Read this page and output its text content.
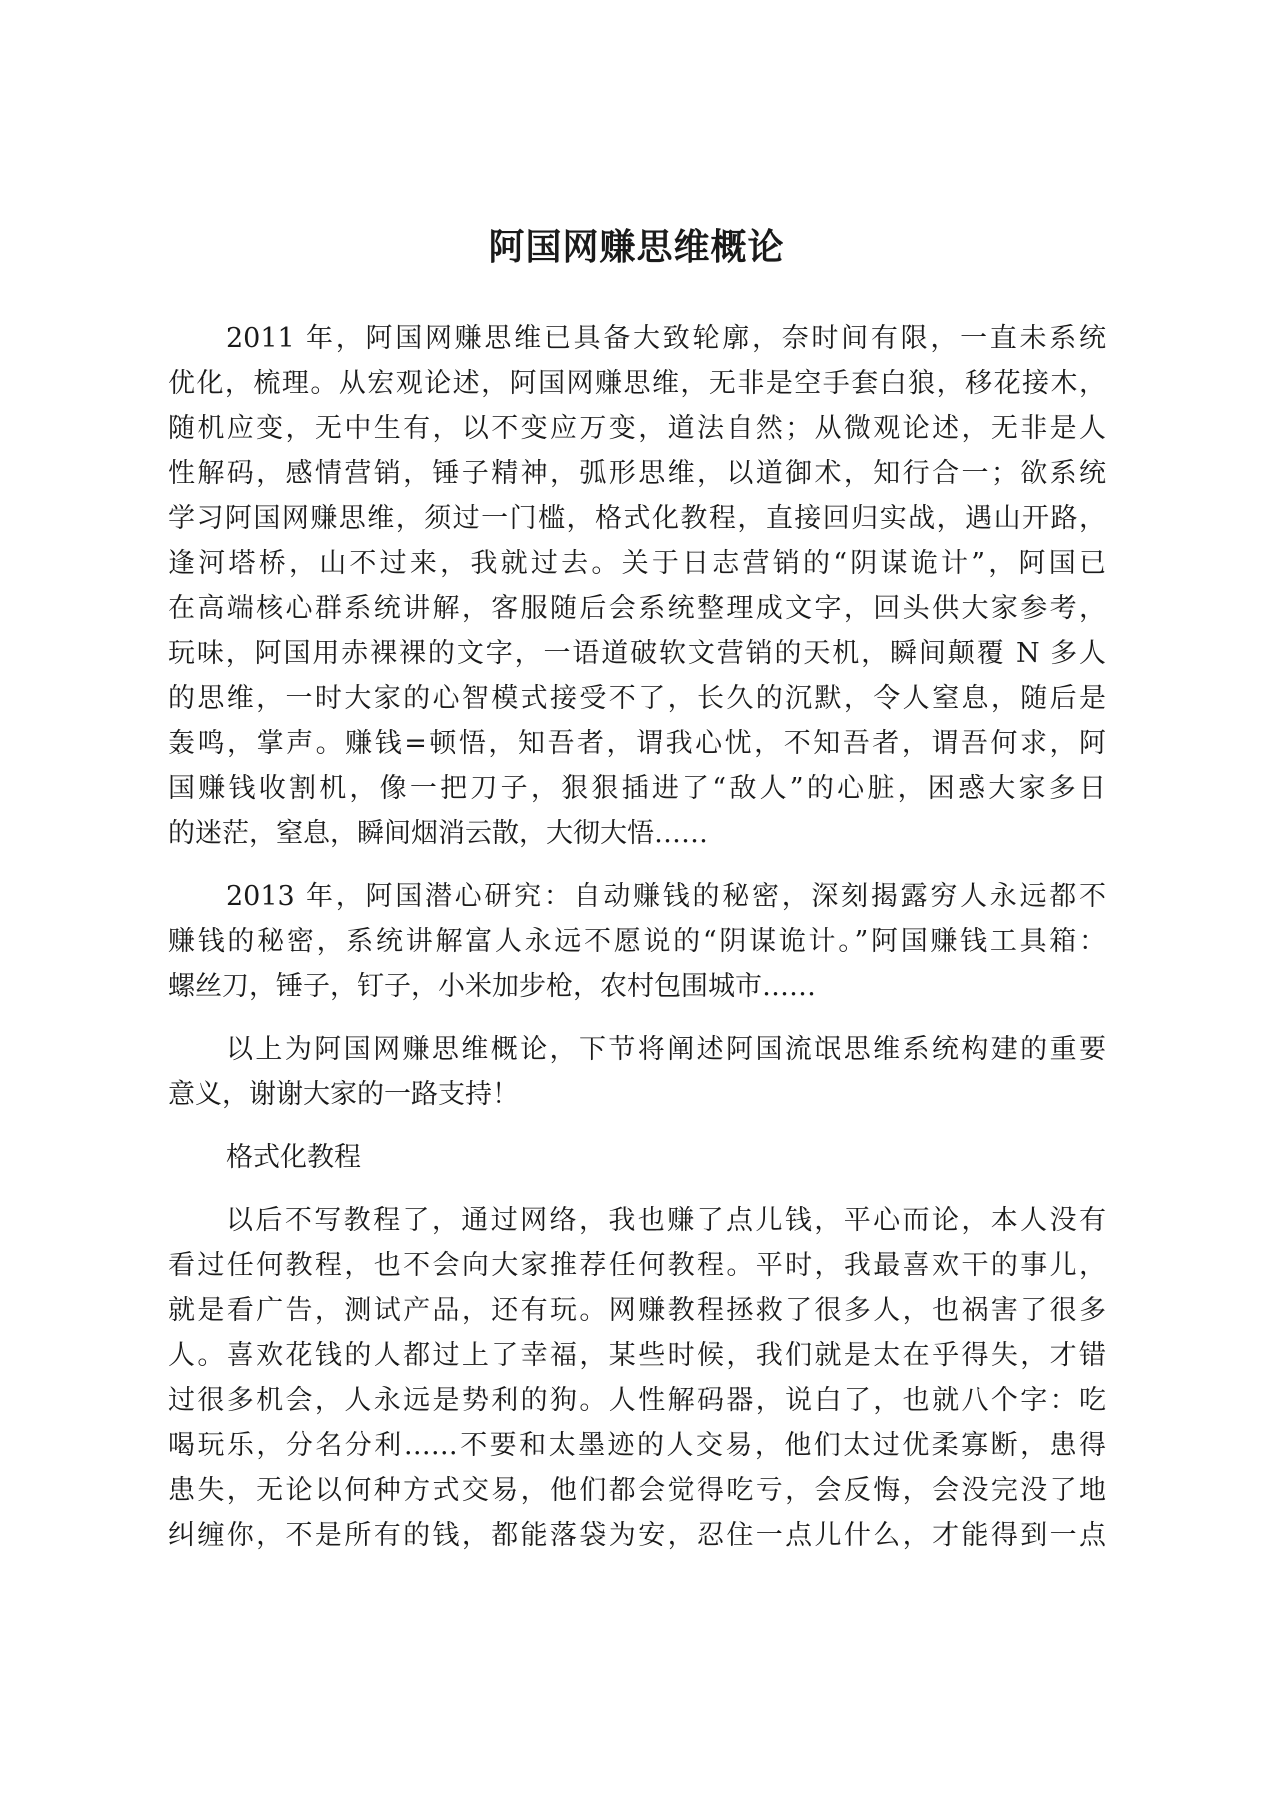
阿国网赚思维概论

2011 年，阿国网赚思维已具备大致轮廓，奈时间有限，一直未系统
优化，梳理。从宏观论述，阿国网赚思维，无非是空手套白狼，移花接木，
随机应变，无中生有，以不变应万变，道法自然；从微观论述，无非是人
性解码，感情营销，锤子精神，弧形思维，以道御术，知行合一；欲系统
学习阿国网赚思维，须过一门槛，格式化教程，直接回归实战，遇山开路，
逢河塔桥，山不过来，我就过去。关于日志营销的“阴谋诡计”，阿国已
在高端核心群系统讲解，客服随后会系统整理成文字，回头供大家参考，
玩味，阿国用赤裸裸的文字，一语道破软文营销的天机，瞬间颠覆 N 多人
的思维，一时大家的心智模式接受不了，长久的沉默，令人窒息，随后是
轰鸣，掌声。赚钱=顿悟，知吾者，谓我心忧，不知吾者，谓吾何求，阿
国赚钱收割机，像一把刀子，狠狠插进了“敌人”的心脏，困惑大家多日
的迷茫，窒息，瞬间烟消云散，大彻大悟……

2013 年，阿国潜心研究：自动赚钱的秘密，深刻揭露穷人永远都不
赚钱的秘密，系统讲解富人永远不愿说的“阴谋诡计。”阿国赚钱工具箱：
螺丝刀，锤子，钉子，小米加步枪，农村包围城市……

以上为阿国网赚思维概论，下节将阐述阿国流氓思维系统构建的重要
意义，谢谢大家的一路支持！

格式化教程

以后不写教程了，通过网络，我也赚了点儿钱，平心而论，本人没有
看过任何教程，也不会向大家推荐任何教程。平时，我最喜欢干的事儿，
就是看广告，测试产品，还有玩。网赚教程拯救了很多人，也祸害了很多
人。喜欢花钱的人都过上了幸福，某些时候，我们就是太在乎得失，才错
过很多机会，人永远是势利的狗。人性解码器，说白了，也就八个字：吃
喝玩乐，分名分利……不要和太墨迹的人交易，他们太过优柔寡断，患得
患失，无论以何种方式交易，他们都会觉得吃亏，会反悔，会没完没了地
纠缠你，不是所有的钱，都能落袋为安，忍住一点儿什么，才能得到一点
